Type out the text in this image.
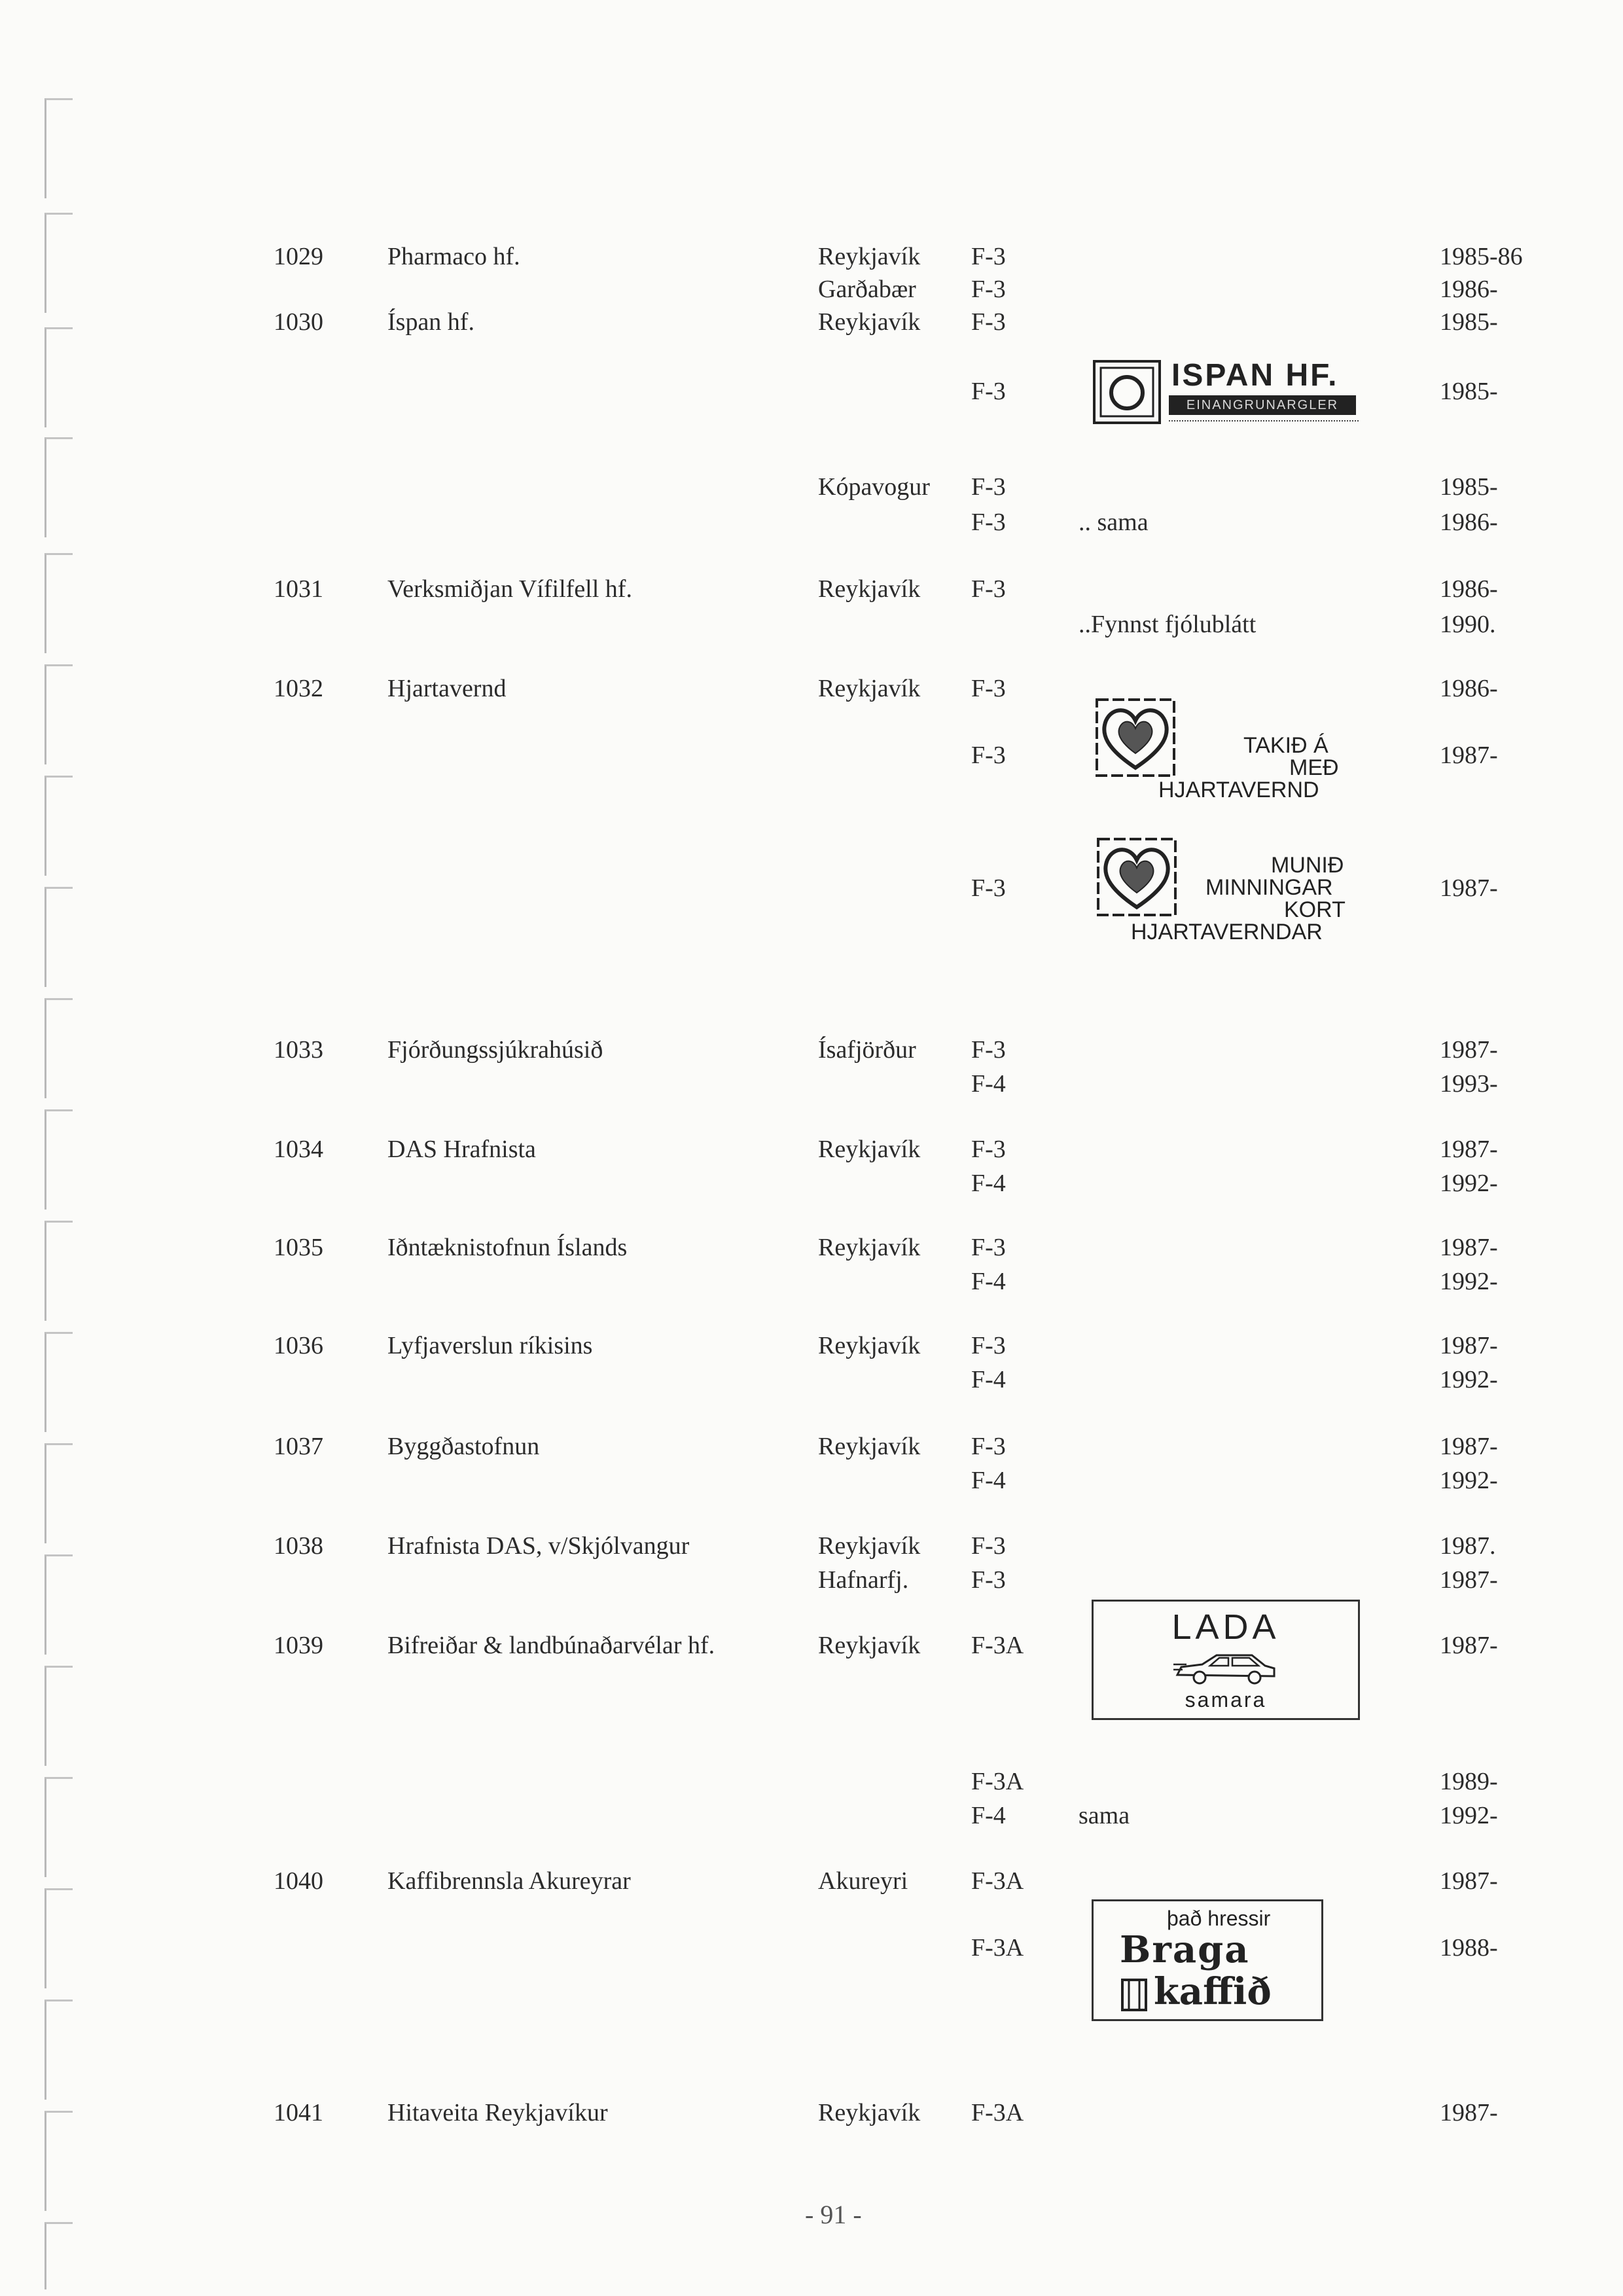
1029	Pharmaco hf.	Reykjavík F-3	1985-86
Garðabær F-3	1986-
1030	Íspan hf.	Reykjavík F-3	1985-
F-3	1985-
Kópavogur F-3	1985-
F-3	.. sama	1986-
1031	Verksmiðjan Vífilfell hf.	Reykjavík F-3	1986-
..Fynnst fjólublátt	1990.
1032	Hjartavernd	Reykjavík F-3	1986-
F-3	1987-
F-3	1987-
1033	Fjórðungssjúkrahúsið	Ísafjörður F-3	1987-
F-4	1993-
1034	DAS Hrafnista	Reykjavík F-3	1987-
F-4	1992-
1035	Iðntæknistofnun Íslands	Reykjavík F-3	1987-
F-4	1992-
1036	Lyfjaverslun ríkisins	Reykjavík F-3	1987-
F-4	1992-
1037	Byggðastofnun	Reykjavík F-3	1987-
F-4	1992-
1038	Hrafnista DAS, v/Skjólvangur	Reykjavík F-3	1987.
Hafnarfj.	F-3	1987-
1039	Bifreiðar & landbúnaðarvélar hf.	Reykjavík F-3A	1987-
F-3A	1989-
F-4	sama	1992-
1040	Kaffibrennsla Akureyrar	Akureyri	F-3A	1987-
F-3A	1988-
1041	Hitaveita Reykjavíkur	Reykjavík F-3A	1987-
ISPAN HF.
EINANGRUNARGLER
TAKIÐ Á
MEÐ
HJARTAVERND
MUNIÐ
MINNINGAR
KORT
HJARTAVERNDAR
LADA
samara
það hressir
Braga
kaffið
- 91 -
